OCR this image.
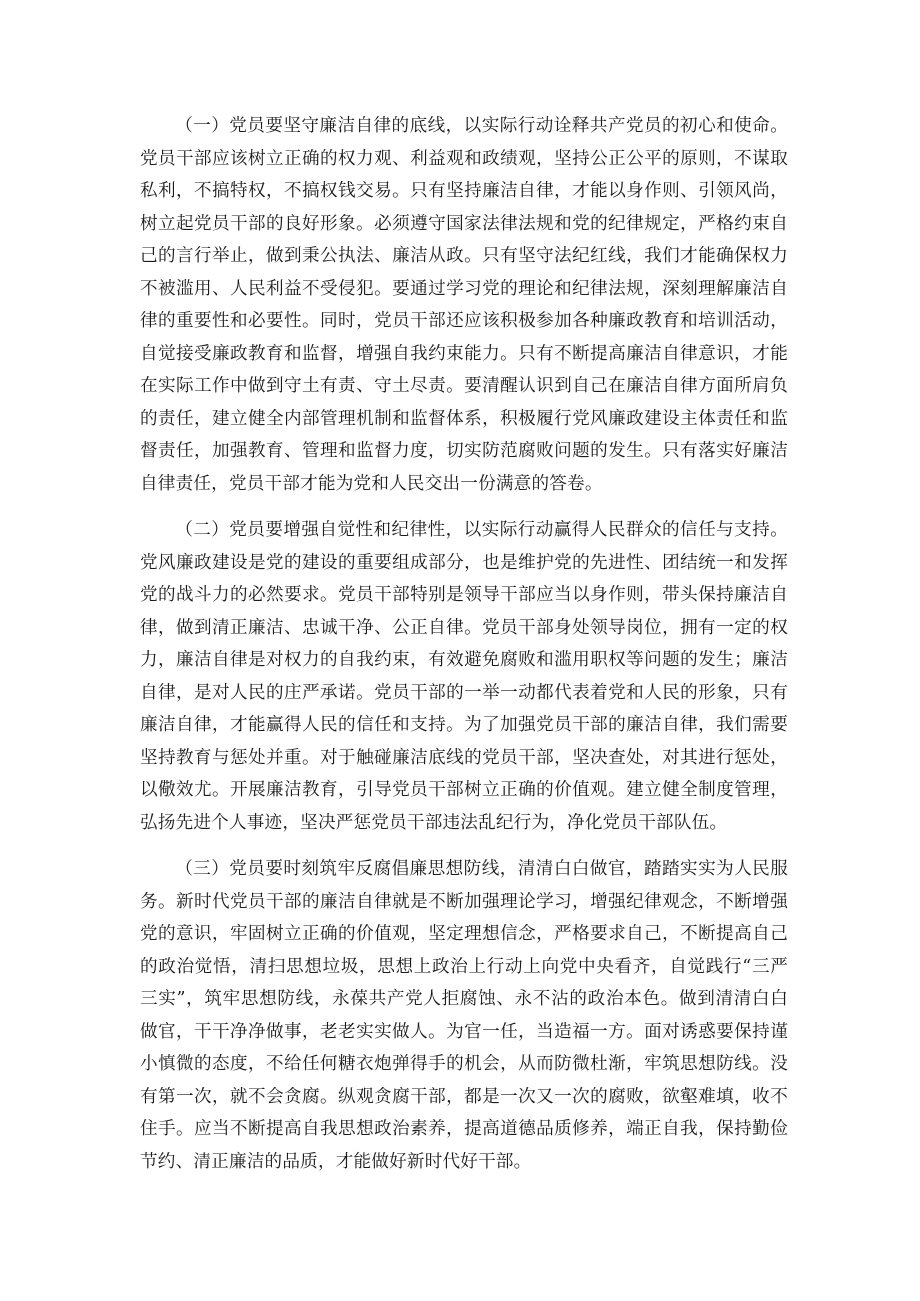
（一）党员要坚守廉洁自律的底线，以实际行动诠释共产党员的初心和使命。党员干部应该树立正确的权力观、利益观和政绩观，坚持公正公平的原则，不谋取私利，不搞特权，不搞权钱交易。只有坚持廉洁自律，才能以身作则、引领风尚，树立起党员干部的良好形象。必须遵守国家法律法规和党的纪律规定，严格约束自己的言行举止，做到秉公执法、廉洁从政。只有坚守法纪红线，我们才能确保权力不被滥用、人民利益不受侵犯。要通过学习党的理论和纪律法规，深刻理解廉洁自律的重要性和必要性。同时，党员干部还应该积极参加各种廉政教育和培训活动，自觉接受廉政教育和监督，增强自我约束能力。只有不断提高廉洁自律意识，才能在实际工作中做到守土有责、守土尽责。要清醒认识到自己在廉洁自律方面所肩负的责任，建立健全内部管理机制和监督体系，积极履行党风廉政建设主体责任和监督责任，加强教育、管理和监督力度，切实防范腐败问题的发生。只有落实好廉洁自律责任，党员干部才能为党和人民交出一份满意的答卷。

（二）党员要增强自觉性和纪律性，以实际行动赢得人民群众的信任与支持。党风廉政建设是党的建设的重要组成部分，也是维护党的先进性、团结统一和发挥党的战斗力的必然要求。党员干部特别是领导干部应当以身作则，带头保持廉洁自律，做到清正廉洁、忠诚干净、公正自律。党员干部身处领导岗位，拥有一定的权力，廉洁自律是对权力的自我约束，有效避免腐败和滥用职权等问题的发生；廉洁自律，是对人民的庄严承诺。党员干部的一举一动都代表着党和人民的形象，只有廉洁自律，才能赢得人民的信任和支持。为了加强党员干部的廉洁自律，我们需要坚持教育与惩处并重。对于触碰廉洁底线的党员干部，坚决查处，对其进行惩处，以儆效尤。开展廉洁教育，引导党员干部树立正确的价值观。建立健全制度管理，弘扬先进个人事迹，坚决严惩党员干部违法乱纪行为，净化党员干部队伍。

（三）党员要时刻筑牢反腐倡廉思想防线，清清白白做官，踏踏实实为人民服务。新时代党员干部的廉洁自律就是不断加强理论学习，增强纪律观念，不断增强党的意识，牢固树立正确的价值观，坚定理想信念，严格要求自己，不断提高自己的政治觉悟，清扫思想垃圾，思想上政治上行动上向党中央看齐，自觉践行“三严三实”，筑牢思想防线，永葆共产党人拒腐蚀、永不沾的政治本色。做到清清白白做官，干干净净做事，老老实实做人。为官一任，当造福一方。面对诱惑要保持谨小慎微的态度，不给任何糖衣炮弹得手的机会，从而防微杜渐，牢筑思想防线。没有第一次，就不会贪腐。纵观贪腐干部，都是一次又一次的腐败，欲壑难填，收不住手。应当不断提高自我思想政治素养，提高道德品质修养，端正自我，保持勤俭节约、清正廉洁的品质，才能做好新时代好干部。
